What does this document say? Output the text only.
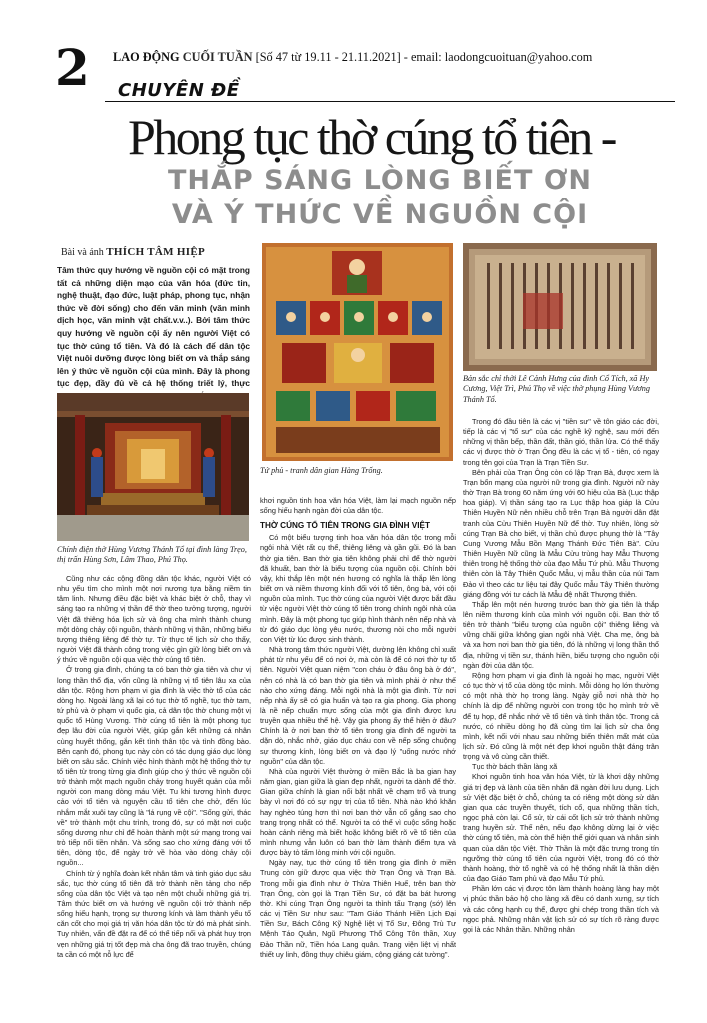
2 LAO ĐỘNG CUỐI TUẦN [Số 47 từ 19.11 - 21.11.2021] - email: laodongcuoituan@yahoo.com
CHUYÊN ĐỀ
Phong tục thờ cúng tổ tiên -
THẮP SÁNG LÒNG BIẾT ƠN
VÀ Ý THỨC VỀ NGUỒN CỘI
Bài và ảnh THÍCH TÂM HIỆP
Tâm thức quy hướng về nguồn cội có mặt trong tất cả những diện mạo của văn hóa (đức tin, nghệ thuật, đạo đức, luật pháp, phong tục, nhận thức về đời sống) cho đến văn minh (văn minh dịch học, văn minh vật chất.v.v..). Bởi tâm thức quy hướng về nguồn cội ấy nên người Việt có tục thờ cúng tổ tiên. Và đó là cách để dân tộc Việt nuôi dưỡng được lòng biết ơn và thắp sáng lên ý thức về nguồn cội của mình. Đây là phong tục đẹp, đầy đủ về cả hệ thống triết lý, thực
Chính điện thờ Hùng Vương Thánh Tổ tại đình làng Trẹo, thị trấn Hùng Sơn, Lâm Thao, Phú Thọ.
Tứ phủ - tranh dân gian Hàng Trống.
Bản sắc chỉ thời Lê Cảnh Hưng của đình Cổ Tích, xã Hy Cương, Việt Trì, Phú Thọ về việc thờ phụng Hùng Vương Thánh Tổ.

Cũng như các cộng đồng dân tộc khác, người Việt có nhu yếu tìm cho mình một nơi nương tựa bằng niềm tin tâm linh. Nhưng điều đặc biệt và khác biệt ở chỗ, thay vì sáng tạo ra những vị thần để thờ theo tưởng tượng, người Việt đã thiêng hóa lịch sử và ông cha mình thành chung một dòng chảy cội nguồn, thành những vị thần, những biểu tượng thiêng liêng để thờ tự. Từ thực tế lịch sử cho thấy, người Việt đã thành công trong việc gìn giữ lòng biết ơn và ý thức về nguồn cội qua việc thờ cúng tổ tiên.

Ở trong gia đình, chúng ta có ban thờ gia tiên và chư vị long thần thổ địa, vốn cũng là những vị tổ tiên lâu xa của dân tộc. Rộng hơn phạm vi gia đình là việc thờ tổ của các dòng họ. Ngoài làng xã lại có tục thờ tổ nghề, tục thờ tam, tứ phủ và ở phạm vi quốc gia, cả dân tộc thờ chung một vị quốc tổ Hùng Vương. Thờ cúng tổ tiên là một phong tục đẹp lâu đời của người Việt, giúp gắn kết những cá nhân cùng huyết thống, gắn kết tình thân tộc và tình đồng bào. Bên cạnh đó, phong tục này còn có tác dụng giáo dục lòng biết ơn sâu sắc. Chính việc hình thành một hệ thống thờ tự tổ tiên từ trong từng gia đình giúp cho ý thức về nguồn cội trở thành một mạch nguồn chảy trong huyết quản của mỗi người con mang dòng máu Việt. Tu khi tương hình được cảo với tổ tiên và nguyện cầu tổ tiên che chở, đến lúc nhắm mắt xuôi tay cũng là "lá rụng về cội". "Sống gửi, thác về" trở thành một chu trình, trong đó, sự có mặt nơi cuộc sống dương như chỉ để hoàn thành một sứ mạng trong vai trò tiếp nối tiền nhân. Và sống sao cho xứng đáng với tổ tiên, dòng tộc, để ngày trở về hòa vào dòng chảy cội nguồn...

Chính từ ý nghĩa đoàn kết nhân tâm và tinh giáo dục sâu sắc, tục thờ cúng tổ tiên đã trở thành nền tảng cho nếp sống của dân tộc Việt và tạo nên một chuỗi những giá trị. Tâm thức biết ơn và hướng về nguồn cội trở thành nếp sống hiếu hạnh, trọng sự thương kính và làm thành yếu tố căn cốt cho mọi giá trị văn hóa dân tộc từ đó mà phát sinh. Tuy nhiên, vấn đề đặt ra để có thể tiếp nối và phát huy trọn vẹn những giá trị tốt đẹp mà cha ông đã trao truyền, chúng ta cần có một nỗ lực để

khơi nguồn tinh hoa văn hóa Việt, làm lại mạch nguồn nếp sống hiếu hạnh ngàn đời của dân tộc.

THỜ CÚNG TỔ TIÊN TRONG GIA ĐÌNH VIỆT

Có một biểu tượng tinh hoa văn hóa dân tộc trong mỗi ngôi nhà Việt rất cụ thể, thiêng liêng và gần gũi. Đó là ban thờ gia tiên. Ban thờ gia tiên không phải chỉ để thờ người đã khuất, ban thờ là biểu tượng của nguồn cội. Chính bởi vậy, khi thắp lên một nén hương có nghĩa là thắp lên lòng biết ơn và niềm thương kính đối với tổ tiên, ông bà, với cội nguồn của mình. Tục thờ cúng của người Việt được bắt đầu từ việc người Việt thờ cúng tổ tiên trong chính ngôi nhà của mình. Đây là một phong tục giúp hình thành nên nếp nhà và từ đó giáo dục lòng yêu nước, thương nòi cho mỗi người con Việt từ lúc được sinh thành.

Nhà trong tâm thức người Việt, dường lên không chỉ xuất phát từ nhu yếu để có nơi ở, mà còn là để có nơi thờ tự tổ tiên. Người Việt quan niệm "con cháu ở đâu ông bà ở đó", nên có nhà là có ban thờ gia tiên và mình phải ở như thế nào cho xứng đáng. Mỗi ngôi nhà là một gia đình. Từ nơi nếp nhà ấy sẽ có gia huấn và tạo ra gia phong. Gia phong là nề nếp chuẩn mực sống của một gia đình được lưu truyền qua nhiều thế hệ. Vậy gia phong ấy thể hiện ở đâu? Chính là ở nơi ban thờ tổ tiên trong gia đình để người ta dặn dò, nhắc nhở, giáo dục cháu con về nếp sống chuộng sự thương kính, lòng biết ơn và đạo lý "uống nước nhớ nguồn" của dân tộc.

Nhà của người Việt thường ở miền Bắc là ba gian hay năm gian, gian giữa là gian đẹp nhất, người ta dành để thờ. Gian giữa chính là gian nối bật nhất về chạm trổ và trung bày vì nơi đó có sự ngự trị của tổ tiên. Nhà nào khó khăn hay nghèo túng hơn thì nơi ban thờ vẫn cố gắng sao cho trang trọng nhất có thể. Người ta có thể vì cuộc sống hoặc hoàn cảnh riêng mà biết hoặc không biết rõ về tổ tiên của mình nhưng vẫn luôn có ban thờ làm thành điểm tựa và được bày tỏ tấm lòng minh với cội nguồn.

Ngày nay, tục thờ cúng tổ tiên trong gia đình ở miền Trung còn giữ được qua việc thờ Trạn Ông và Trạn Bà. Trong mỗi gia đình như ở Thừa Thiên Huế, trên ban thờ Trạn Ông, còn gọi là Trạn Tiền Sư, có đặt ba bát hương thờ. Khi cúng Trạn Ông người ta thỉnh tấu Trạng (sớ) lên các vị Tiền Sư như sau: "Tam Giáo Thánh Hiền Lịch Đại Tiền Sư, Bách Công Kỹ Nghệ liệt vị Tổ Sư, Đông Trù Tư Mệnh Táo Quân, Ngũ Phương Thổ Công Tôn thần, Xuy Đảo Thần nữ, Tiền hóa Lang quân. Trang viện liệt vị nhất thiết uy linh, đồng thụy chiêu giám, cộng giáng cát tường".

Trong đó đầu tiên là các vị "tiền sư" về tôn giáo các đời, tiếp là các vị "tổ sư" của các nghề kỹ nghệ, sau mới đến những vị thần bếp, thần đất, thần gió, thần lửa. Có thể thấy các vị được thờ ở Trạn Ông đều là các vị tổ - tiên, có ngay trong tên gọi của Trạn là Trạn Tiền Sư.

Bên phải của Trạn Ông còn có lập Trạn Bà, được xem là Trạn bổn mạng của người nữ trong gia đình. Người nữ này thờ Trạn Bà trong 60 năm ứng với 60 hiệu của Bà (Lục thập hoa giáp). Vị thần sáng tạo ra Lục thập hoa giáp là Cửu Thiên Huyền Nữ nên nhiều chỗ trên Trạn Bà người dân đặt tranh của Cửu Thiên Huyền Nữ để thờ. Tuy nhiên, lòng sở cúng Trạn Bà cho biết, vị thần chủ được phụng thờ là "Tây Cung Vương Mẫu Bồn Mạng Thánh Đức Tiên Bà". Cửu Thiên Huyền Nữ cũng là Mẫu Cửu trùng hay Mẫu Thượng thiên trong hệ thống thờ của đạo Mẫu Tứ phủ. Mẫu Thượng thiên còn là Tây Thiên Quốc Mẫu, vị mẫu thần của núi Tam Đảo vì theo các tư liệu tại đây Quốc mẫu Tây Thiên thường giáng đồng với tư cách là Mẫu đệ nhất Thượng thiên.

Thắp lên một nén hương trước ban thờ gia tiên là thắp lên niềm thương kính của mình với nguồn cội. Ban thờ tổ tiên trở thành "biểu tượng của nguồn cội" thiêng liêng và vững chãi giữa không gian ngôi nhà Việt. Cha mẹ, ông bà và xa hơn nơi ban thờ gia tiên, đó là những vị long thần thổ địa, những vị tiền sư, thánh hiền, biểu tượng cho nguồn cội ngàn đời của dân tộc.

Rộng hơn phạm vi gia đình là ngoài họ mạc, người Việt có tục thờ vị tổ của dòng tộc mình. Mỗi dòng họ lớn thường có một nhà thờ họ trong làng. Ngày giỗ nơi nhà thờ họ chính là dịp để những người con trong tộc họ mình trở về để tụ họp, để nhắc nhớ về tổ tiên và tình thân tộc. Trong cả nước, có nhiều dòng họ đã cùng tìm lại lịch sử cha ông mình, kết nối với nhau sau những biến thiên mất mát của lịch sử. Đó cũng là một nét đẹp khơi nguồn thật đáng trân trọng và vô cùng cần thiết.

Tục thờ bách thần làng xã

Khơi nguồn tinh hoa văn hóa Việt, từ là khơi dậy những giá trị đẹp và lành của tiền nhân đã ngàn đời lưu dụng. Lịch sử Việt đặc biệt ở chỗ, chúng ta có riêng một dòng sử dân gian qua các truyền thuyết, tích cổ, qua những thần tích, ngọc phả còn lại. Cổ sử, từ cái cốt lịch sử trở thành những trang huyền sử. Thế nên, nếu đạo không dừng lại ở việc thờ cúng tổ tiên, mà còn thể hiện thế giới quan và nhân sinh quan của dân tộc Việt. Thờ Thần là một đặc trưng trong tín ngưỡng thờ cúng tổ tiên của người Việt, trong đó có thờ thành hoàng, thờ tổ nghề và có hệ thống nhất là thần diện của đạo Giáo Tam phủ và đạo Mẫu Tứ phủ.

Phần lớn các vị được tôn làm thành hoàng làng hay một vị phúc thần bảo hộ cho làng xã đều có danh xưng, sự tích và các công hạnh cụ thể, được ghi chép trong thần tích và ngọc phả. Những nhân vật lịch sử có sự tích rõ ràng được gọi là các Nhân thần. Những nhân
